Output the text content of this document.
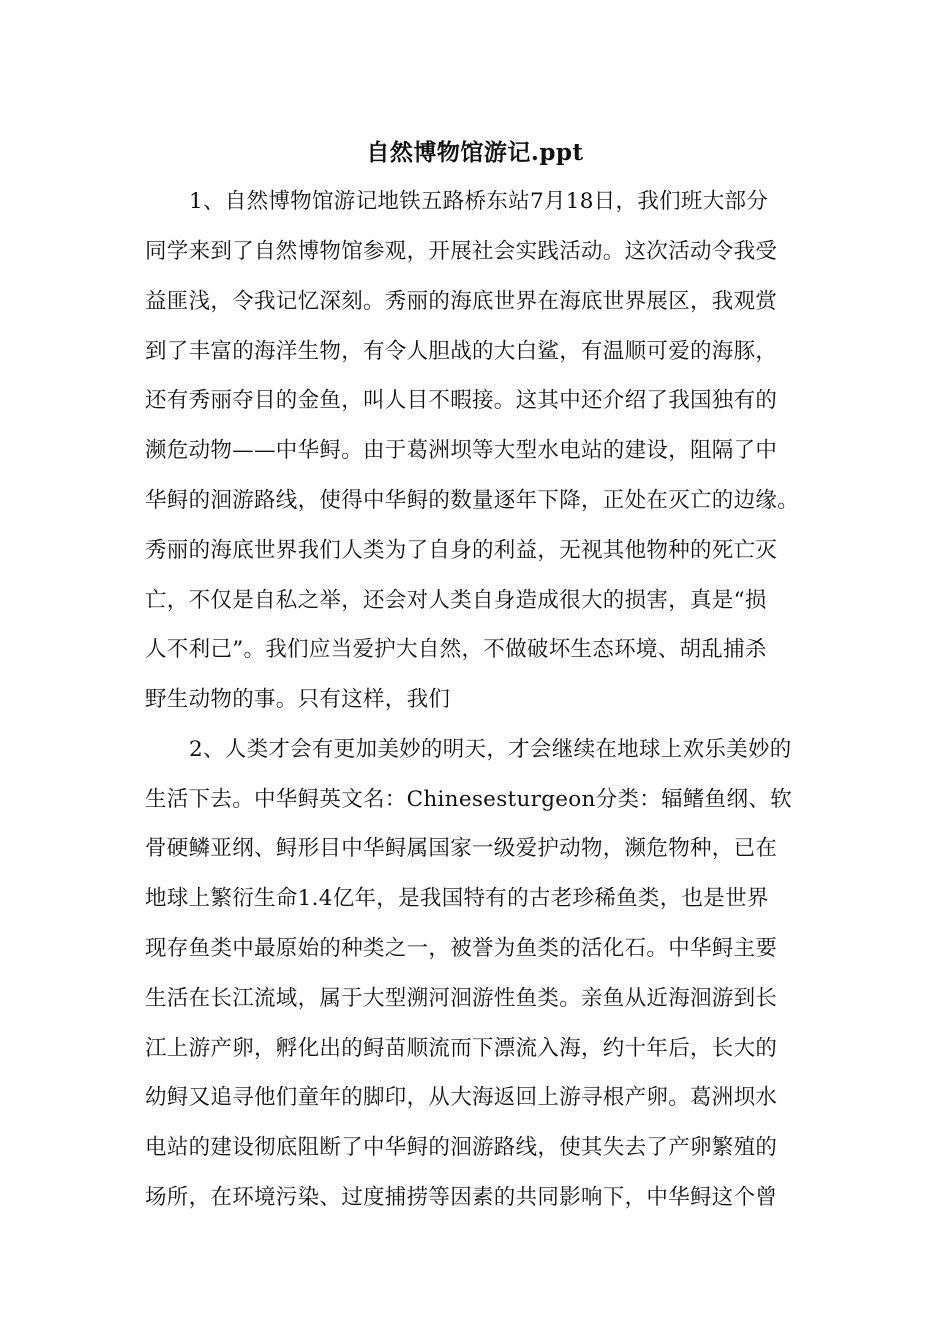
自然博物馆游记.ppt
1、自然博物馆游记地铁五路桥东站7月18日，我们班大部分
同学来到了自然博物馆参观，开展社会实践活动。这次活动令我受
益匪浅，令我记忆深刻。秀丽的海底世界在海底世界展区，我观赏
到了丰富的海洋生物，有令人胆战的大白鲨，有温顺可爱的海豚，
还有秀丽夺目的金鱼，叫人目不暇接。这其中还介绍了我国独有的
濒危动物——中华鲟。由于葛洲坝等大型水电站的建设，阻隔了中
华鲟的洄游路线，使得中华鲟的数量逐年下降，正处在灭亡的边缘。
秀丽的海底世界我们人类为了自身的利益，无视其他物种的死亡灭
亡，不仅是自私之举，还会对人类自身造成很大的损害，真是“损
人不利己”。我们应当爱护大自然，不做破坏生态环境、胡乱捕杀
野生动物的事。只有这样，我们
2、人类才会有更加美妙的明天，才会继续在地球上欢乐美妙的
生活下去。中华鲟英文名：Chinesesturgeon分类：辐鳍鱼纲、软
骨硬鳞亚纲、鲟形目中华鲟属国家一级爱护动物，濒危物种，已在
地球上繁衍生命1.4亿年，是我国特有的古老珍稀鱼类，也是世界
现存鱼类中最原始的种类之一，被誉为鱼类的活化石。中华鲟主要
生活在长江流域，属于大型溯河洄游性鱼类。亲鱼从近海洄游到长
江上游产卵，孵化出的鲟苗顺流而下漂流入海，约十年后，长大的
幼鲟又追寻他们童年的脚印，从大海返回上游寻根产卵。葛洲坝水
电站的建设彻底阻断了中华鲟的洄游路线，使其失去了产卵繁殖的
场所，在环境污染、过度捕捞等因素的共同影响下，中华鲟这个曾
